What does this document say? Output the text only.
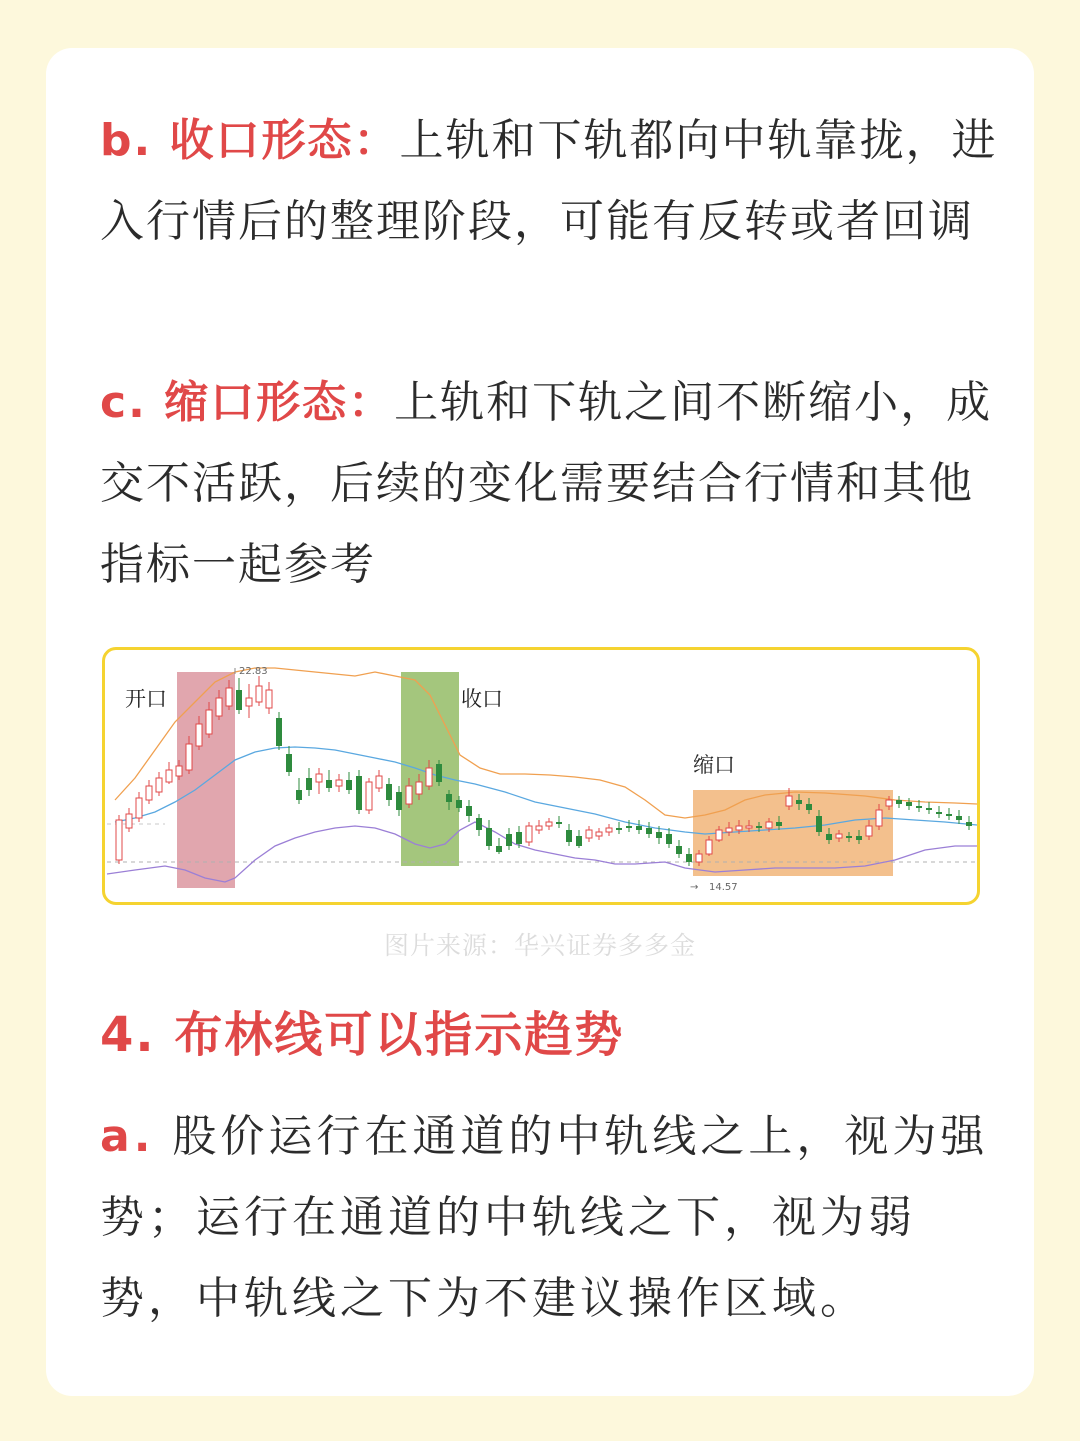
b. 收口形态：上轨和下轨都向中轨靠拢，进入行情后的整理阶段，可能有反转或者回调

c. 缩口形态：上轨和下轨之间不断缩小，成交不活跃，后续的变化需要结合行情和其他指标一起参考

22.83
→ 14.57
开口	收口
缩口
图片来源：华兴证券多多金
4. 布林线可以指示趋势

a. 股价运行在通道的中轨线之上，视为强势；运行在通道的中轨线之下，视为弱势，中轨线之下为不建议操作区域。
